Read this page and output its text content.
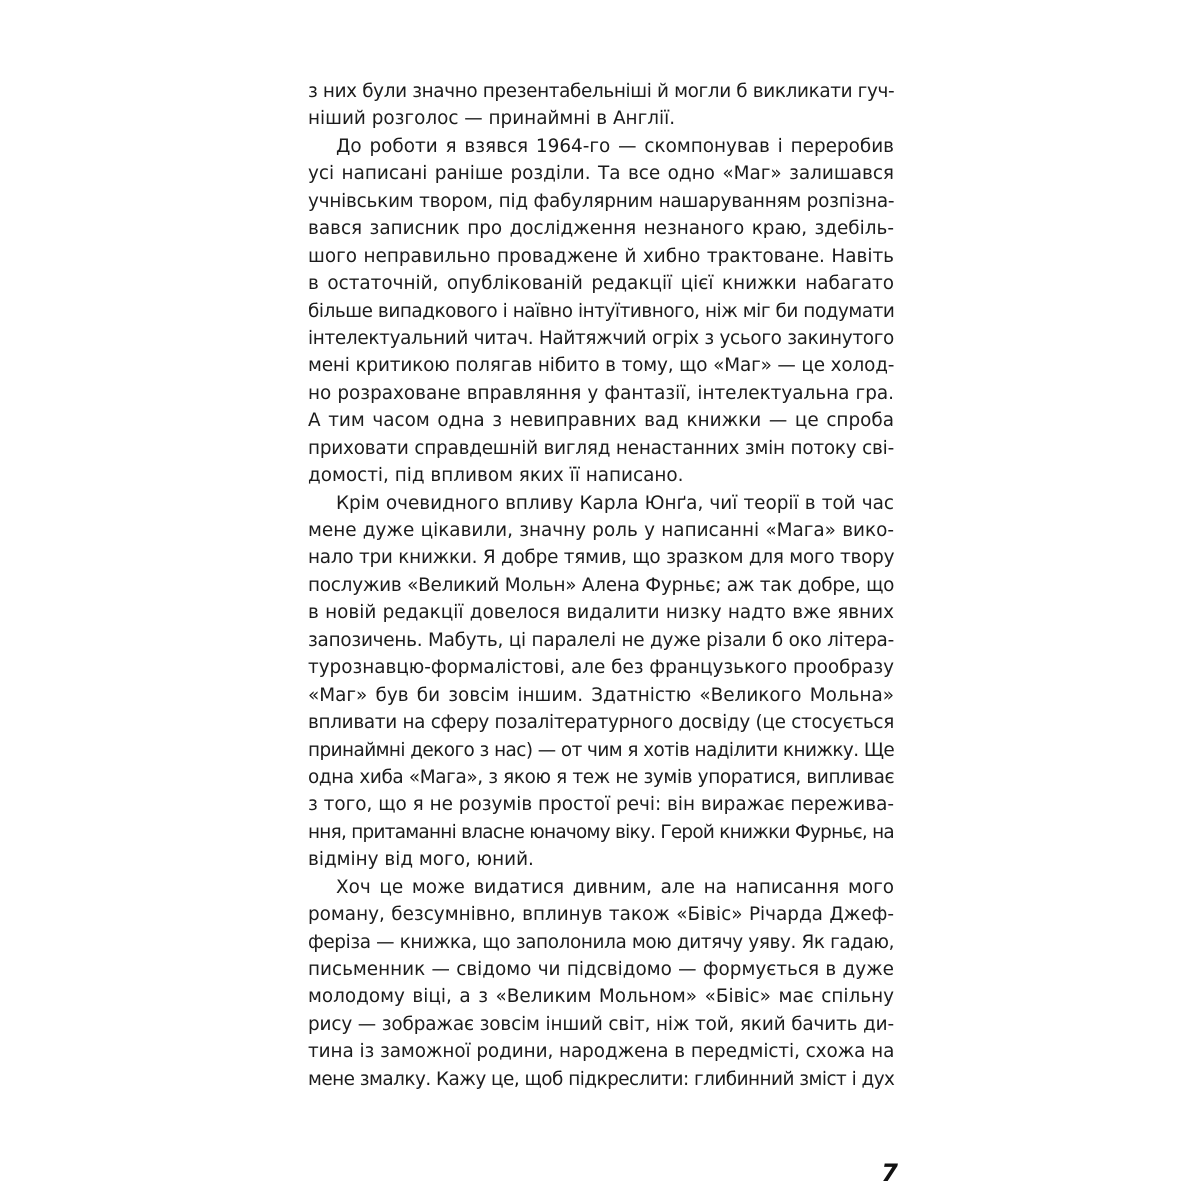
з них були значно презентабельніші й могли б викликати гуч-
ніший розголос — принаймні в Англії.
До роботи я взявся 1964-го — скомпонував і переробив
усі написані раніше розділи. Та все одно «Маг» залишався
учнівським твором, під фабулярним нашаруванням розпізна-
вався записник про дослідження незнаного краю, здебіль-
шого неправильно проваджене й хибно трактоване. Навіть
в остаточній, опублікованій редакції цієї книжки набагато
більше випадкового і наївно інтуїтивного, ніж міг би подумати
інтелектуальний читач. Найтяжчий огріх з усього закинутого
мені критикою полягав нібито в тому, що «Маг» — це холод-
но розраховане вправляння у фантазії, інтелектуальна гра.
А тим часом одна з невиправних вад книжки — це спроба
приховати справдешній вигляд ненастанних змін потоку сві-
домості, під впливом яких її написано.
Крім очевидного впливу Карла Юнґа, чиї теорії в той час
мене дуже цікавили, значну роль у написанні «Мага» вико-
нало три книжки. Я добре тямив, що зразком для мого твору
послужив «Великий Мольн» Алена Фурньє; аж так добре, що
в новій редакції довелося видалити низку надто вже явних
запозичень. Мабуть, ці паралелі не дуже різали б око літера-
турознавцю-формалістові, але без французького прообразу
«Маг» був би зовсім іншим. Здатністю «Великого Мольна»
впливати на сферу позалітературного досвіду (це стосується
принаймні декого з нас) — от чим я хотів наділити книжку. Ще
одна хиба «Мага», з якою я теж не зумів упоратися, випливає
з того, що я не розумів простої речі: він виражає пережива-
ння, притаманні власне юначому віку. Герой книжки Фурньє, на
відміну від мого, юний.
Хоч це може видатися дивним, але на написання мого
роману, безсумнівно, вплинув також «Бівіс» Річарда Джеф-
феріза — книжка, що заполонила мою дитячу уяву. Як гадаю,
письменник — свідомо чи підсвідомо — формується в дуже
молодому віці, а з «Великим Мольном» «Бівіс» має спільну
рису — зображає зовсім інший світ, ніж той, який бачить ди-
тина із заможної родини, народжена в передмісті, схожа на
мене змалку. Кажу це, щоб підкреслити: глибинний зміст і дух
7
